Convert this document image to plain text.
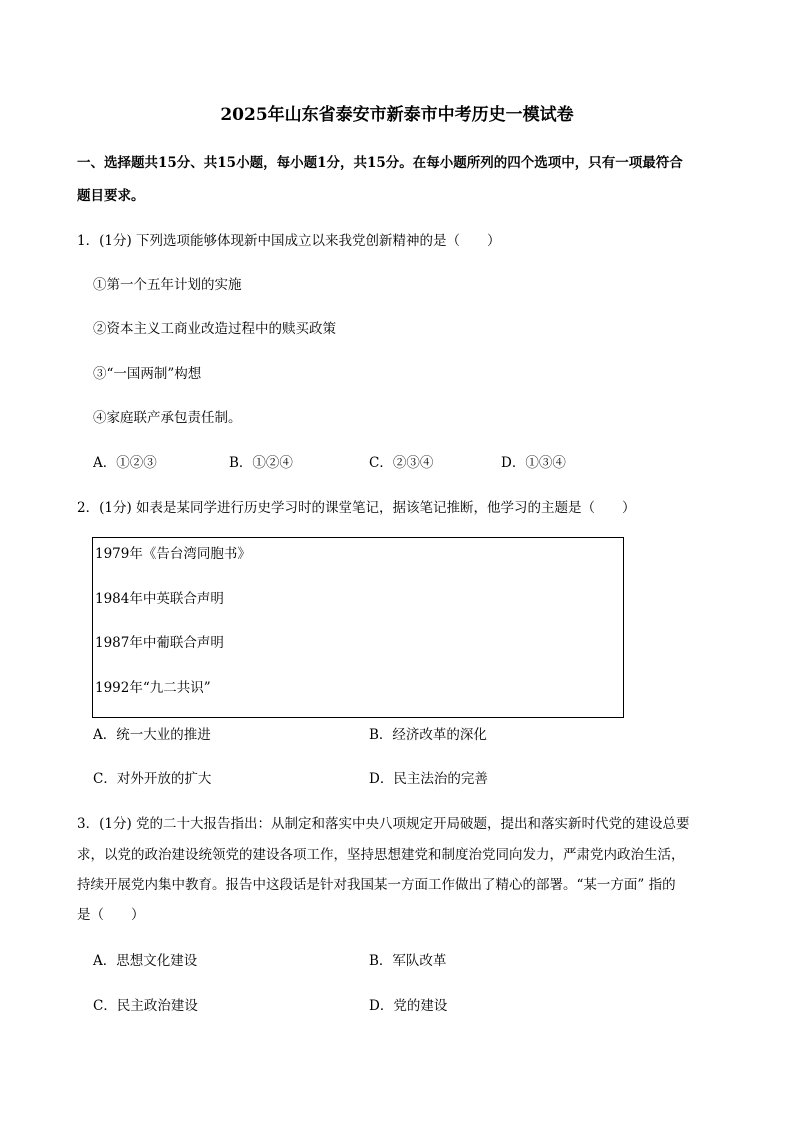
2025年山东省泰安市新泰市中考历史一模试卷
一、选择题共15分、共15小题，每小题1分，共15分。在每小题所列的四个选项中，只有一项最符合
题目要求。
1．(1分) 下列选项能够体现新中国成立以来我党创新精神的是（　　）
①第一个五年计划的实施
②资本主义工商业改造过程中的赎买政策
③“一国两制”构想
④家庭联产承包责任制。
A．①②③	B．①②④	C．②③④	D．①③④
2．(1分) 如表是某同学进行历史学习时的课堂笔记，据该笔记推断，他学习的主题是（　　）
1979年《告台湾同胞书》
1984年中英联合声明
1987年中葡联合声明
1992年“九二共识”
A．统一大业的推进	B．经济改革的深化
C．对外开放的扩大	D．民主法治的完善
3．(1分) 党的二十大报告指出：从制定和落实中央八项规定开局破题，提出和落实新时代党的建设总要
求，以党的政治建设统领党的建设各项工作，坚持思想建党和制度治党同向发力，严肃党内政治生活，
持续开展党内集中教育。报告中这段话是针对我国某一方面工作做出了精心的部署。“某一方面” 指的
是（　　）
A．思想文化建设	B．军队改革
C．民主政治建设	D．党的建设
